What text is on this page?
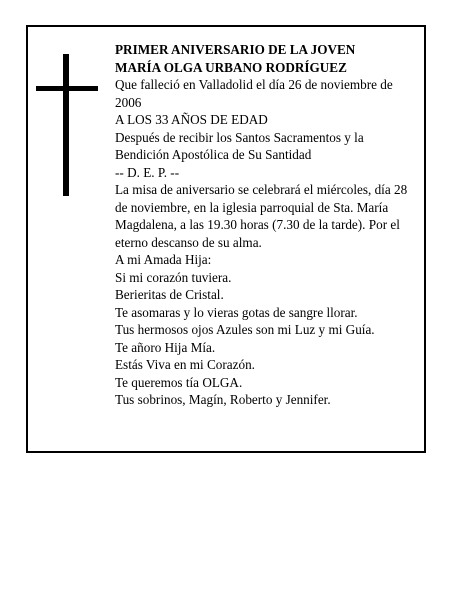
PRIMER ANIVERSARIO DE LA JOVEN

MARÍA OLGA URBANO RODRÍGUEZ

Que falleció en Valladolid el día 26 de noviembre de 2006

A LOS 33 AÑOS DE EDAD

Después de recibir los Santos Sacramentos y la Bendición Apostólica de Su Santidad

-- D. E. P. --

La misa de aniversario se celebrará el miércoles, día 28 de noviembre, en la iglesia parroquial de Sta. María Magdalena, a las 19.30 horas (7.30 de la tarde). Por el eterno descanso de su alma.

A mi Amada Hija:

Si mi corazón tuviera.

Berieritas de Cristal.

Te asomaras y lo vieras gotas de sangre llorar.

Tus hermosos ojos Azules son mi Luz y mi Guía.

Te añoro Hija Mía.

Estás Viva en mi Corazón.

Te queremos tía OLGA.

Tus sobrinos, Magín, Roberto y Jennifer.
